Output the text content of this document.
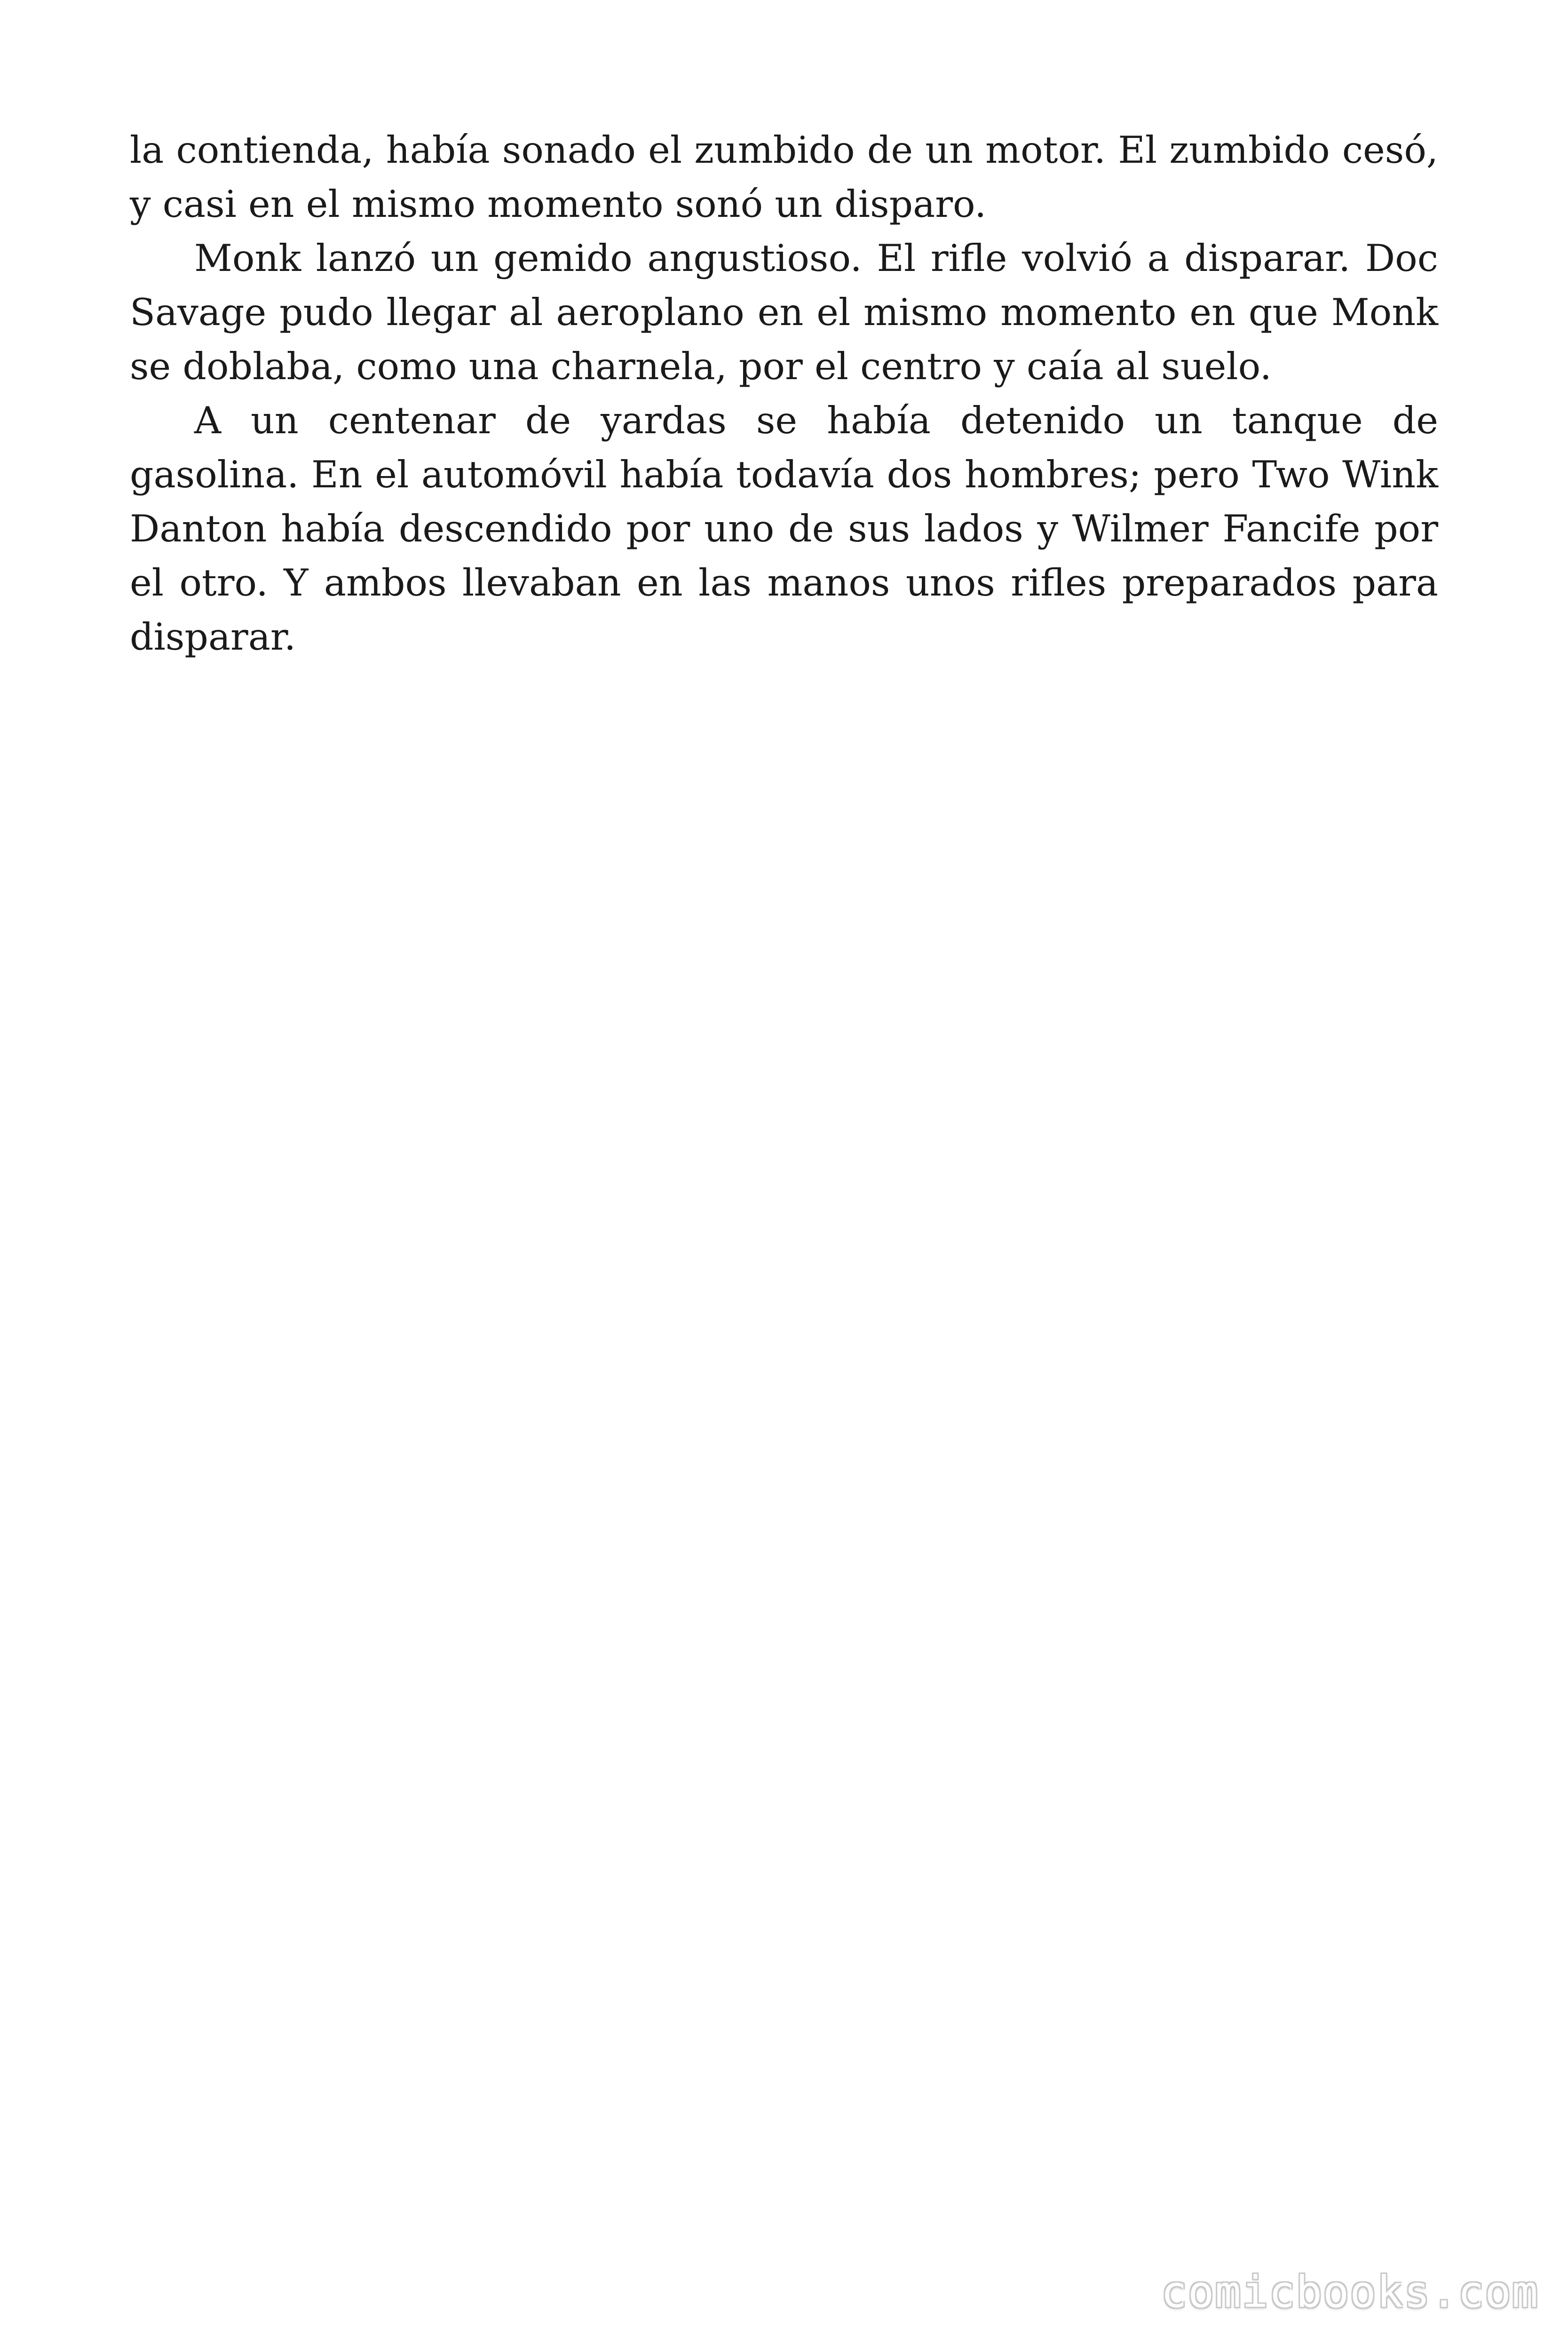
la contienda, había sonado el zumbido de un motor. El zumbido cesó, y casi en el mismo momento sonó un disparo.

Monk lanzó un gemido angustioso. El rifle volvió a disparar. Doc Savage pudo llegar al aeroplano en el mismo momento en que Monk se doblaba, como una charnela, por el centro y caía al suelo.

A un centenar de yardas se había detenido un tanque de gasolina. En el automóvil había todavía dos hombres; pero Two Wink Danton había descendido por uno de sus lados y Wilmer Fancife por el otro. Y ambos llevaban en las manos unos rifles preparados para disparar.

comicbooks.com
